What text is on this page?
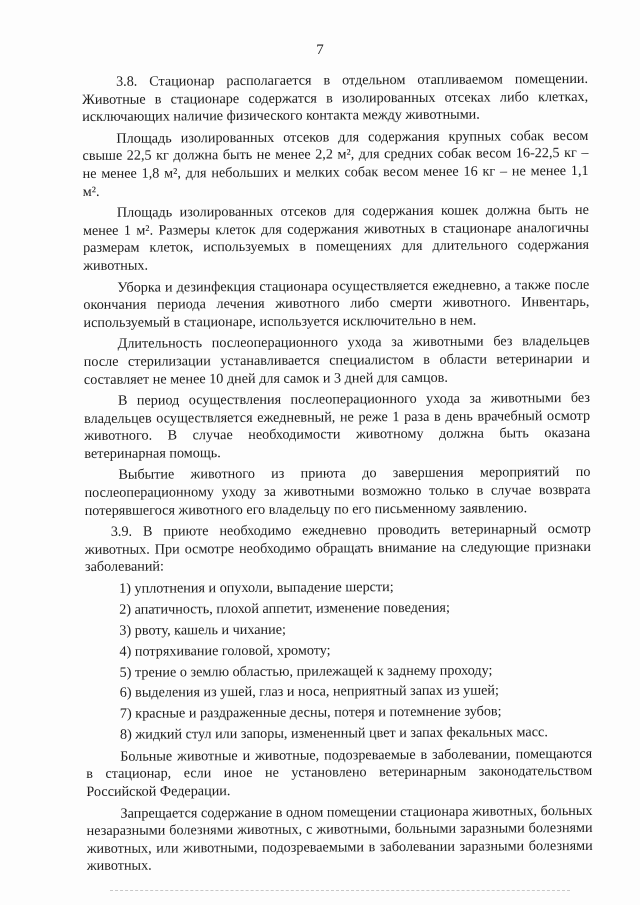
7

3.8. Стационар располагается в отдельном отапливаемом помещении. Животные в стационаре содержатся в изолированных отсеках либо клетках, исключающих наличие физического контакта между животными.

Площадь изолированных отсеков для содержания крупных собак весом свыше 22,5 кг должна быть не менее 2,2 м², для средних собак весом 16-22,5 кг – не менее 1,8 м², для небольших и мелких собак весом менее 16 кг – не менее 1,1 м².

Площадь изолированных отсеков для содержания кошек должна быть не менее 1 м². Размеры клеток для содержания животных в стационаре аналогичны размерам клеток, используемых в помещениях для длительного содержания животных.

Уборка и дезинфекция стационара осуществляется ежедневно, а также после окончания периода лечения животного либо смерти животного. Инвентарь, используемый в стационаре, используется исключительно в нем.

Длительность послеоперационного ухода за животными без владельцев после стерилизации устанавливается специалистом в области ветеринарии и составляет не менее 10 дней для самок и 3 дней для самцов.

В период осуществления послеоперационного ухода за животными без владельцев осуществляется ежедневный, не реже 1 раза в день врачебный осмотр животного. В случае необходимости животному должна быть оказана ветеринарная помощь.

Выбытие животного из приюта до завершения мероприятий по послеоперационному уходу за животными возможно только в случае возврата потерявшегося животного его владельцу по его письменному заявлению.

3.9. В приюте необходимо ежедневно проводить ветеринарный осмотр животных. При осмотре необходимо обращать внимание на следующие признаки заболеваний:

1) уплотнения и опухоли, выпадение шерсти;
2) апатичность, плохой аппетит, изменение поведения;
3) рвоту, кашель и чихание;
4) потряхивание головой, хромоту;
5) трение о землю областью, прилежащей к заднему проходу;
6) выделения из ушей, глаз и носа, неприятный запах из ушей;
7) красные и раздраженные десны, потеря и потемнение зубов;
8) жидкий стул или запоры, измененный цвет и запах фекальных масс.

Больные животные и животные, подозреваемые в заболевании, помещаются в стационар, если иное не установлено ветеринарным законодательством Российской Федерации.

Запрещается содержание в одном помещении стационара животных, больных незаразными болезнями животных, с животными, больными заразными болезнями животных, или животными, подозреваемыми в заболевании заразными болезнями животных.
